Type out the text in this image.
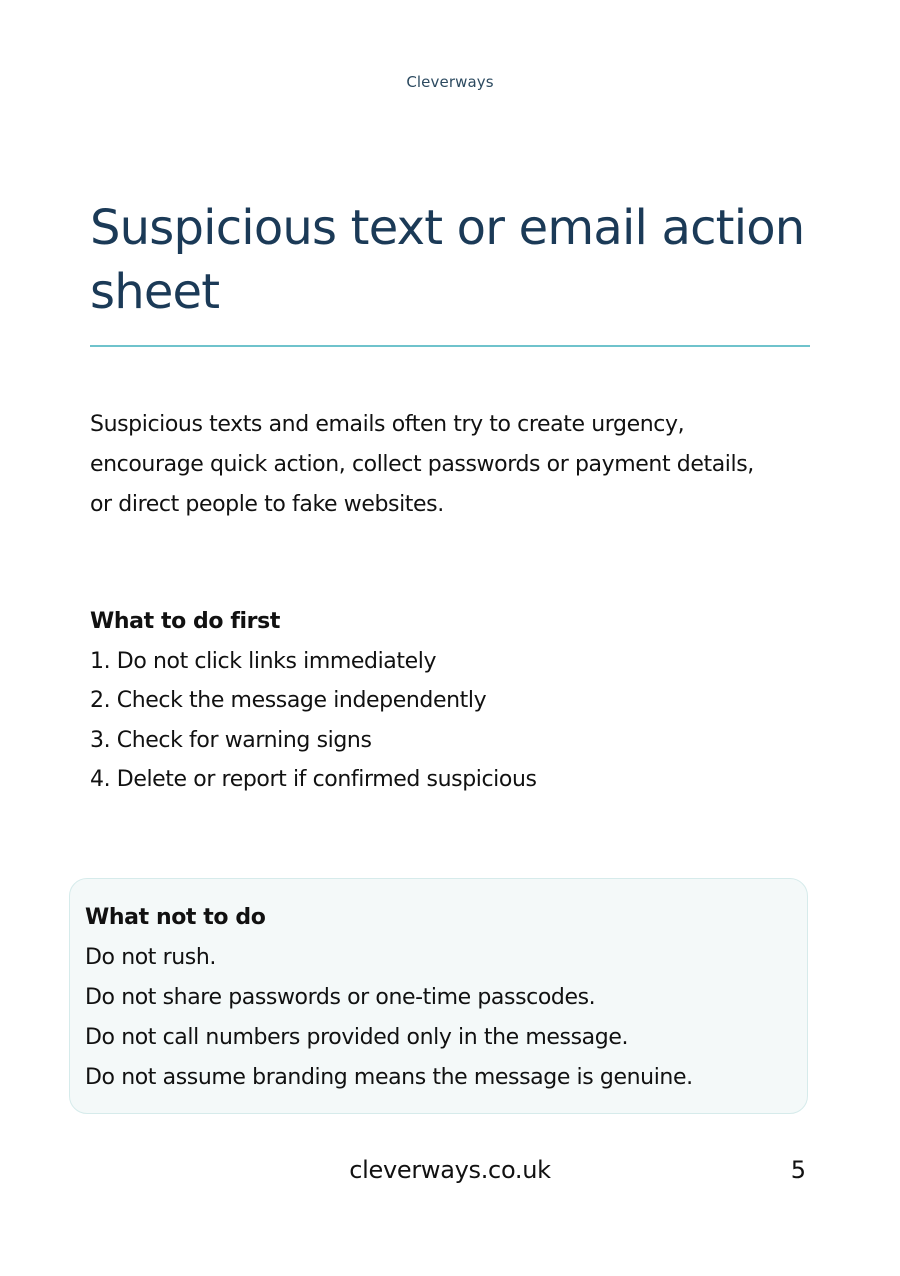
Cleverways
Suspicious text or email action
sheet

Suspicious texts and emails often try to create urgency,
encourage quick action, collect passwords or payment details,
or direct people to fake websites.

What to do first
1. Do not click links immediately
2. Check the message independently
3. Check for warning signs
4. Delete or report if confirmed suspicious
What not to do
Do not rush.
Do not share passwords or one-time passcodes.
Do not call numbers provided only in the message.
Do not assume branding means the message is genuine.
cleverways.co.uk	5
